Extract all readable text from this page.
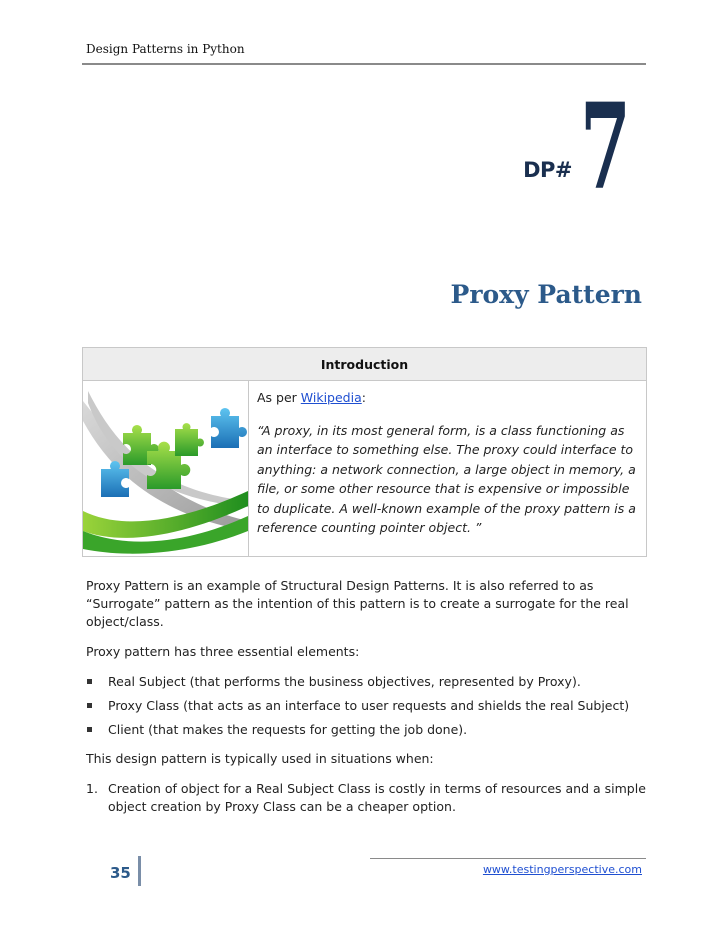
Design Patterns in Python
DP# 7
Proxy Pattern
Introduction

As per Wikipedia:

“A proxy, in its most general form, is a class functioning as an interface to something else. The proxy could interface to anything: a network connection, a large object in memory, a file, or some other resource that is expensive or impossible to duplicate. A well-known example of the proxy pattern is a reference counting pointer object. ”

Proxy Pattern is an example of Structural Design Patterns. It is also referred to as “Surrogate” pattern as the intention of this pattern is to create a surrogate for the real object/class.

Proxy pattern has three essential elements:

Real Subject (that performs the business objectives, represented by Proxy).
Proxy Class (that acts as an interface to user requests and shields the real Subject)
Client (that makes the requests for getting the job done).

This design pattern is typically used in situations when:

1. Creation of object for a Real Subject Class is costly in terms of resources and a simple object creation by Proxy Class can be a cheaper option.
35	www.testingperspective.com
